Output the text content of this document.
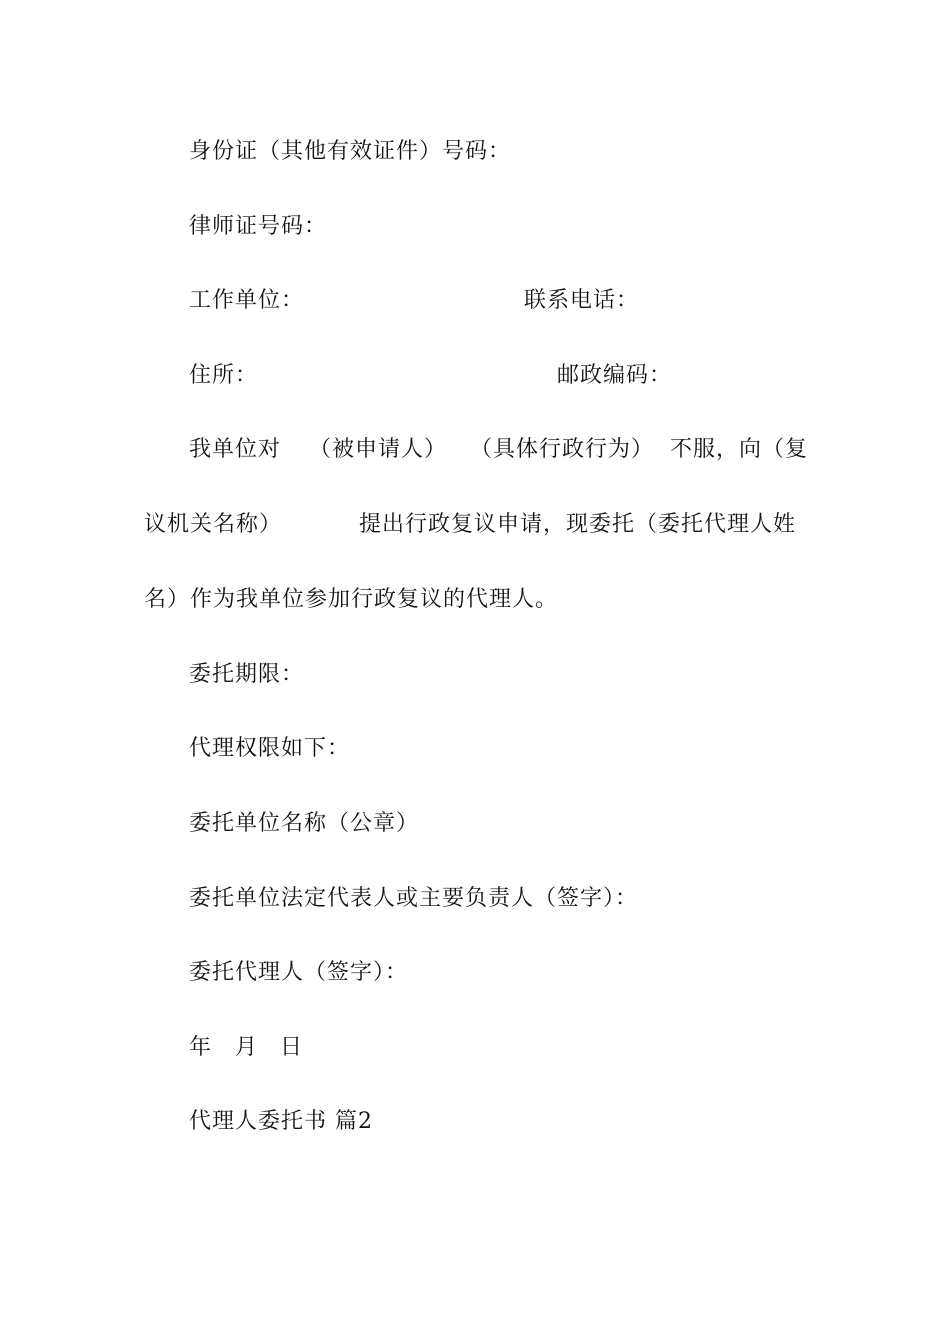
身份证（其他有效证件）号码：
律师证号码：
工作单位：	联系电话：
住所：	邮政编码：
我单位对 （被申请人） （具体行政行为） 不服，向（复
议机关名称）	提出行政复议申请，现委托（委托代理人姓
名）作为我单位参加行政复议的代理人。
委托期限：
代理权限如下：
委托单位名称（公章）
委托单位法定代表人或主要负责人（签字）：
委托代理人（签字）：
年 月 日
代理人委托书 篇2
